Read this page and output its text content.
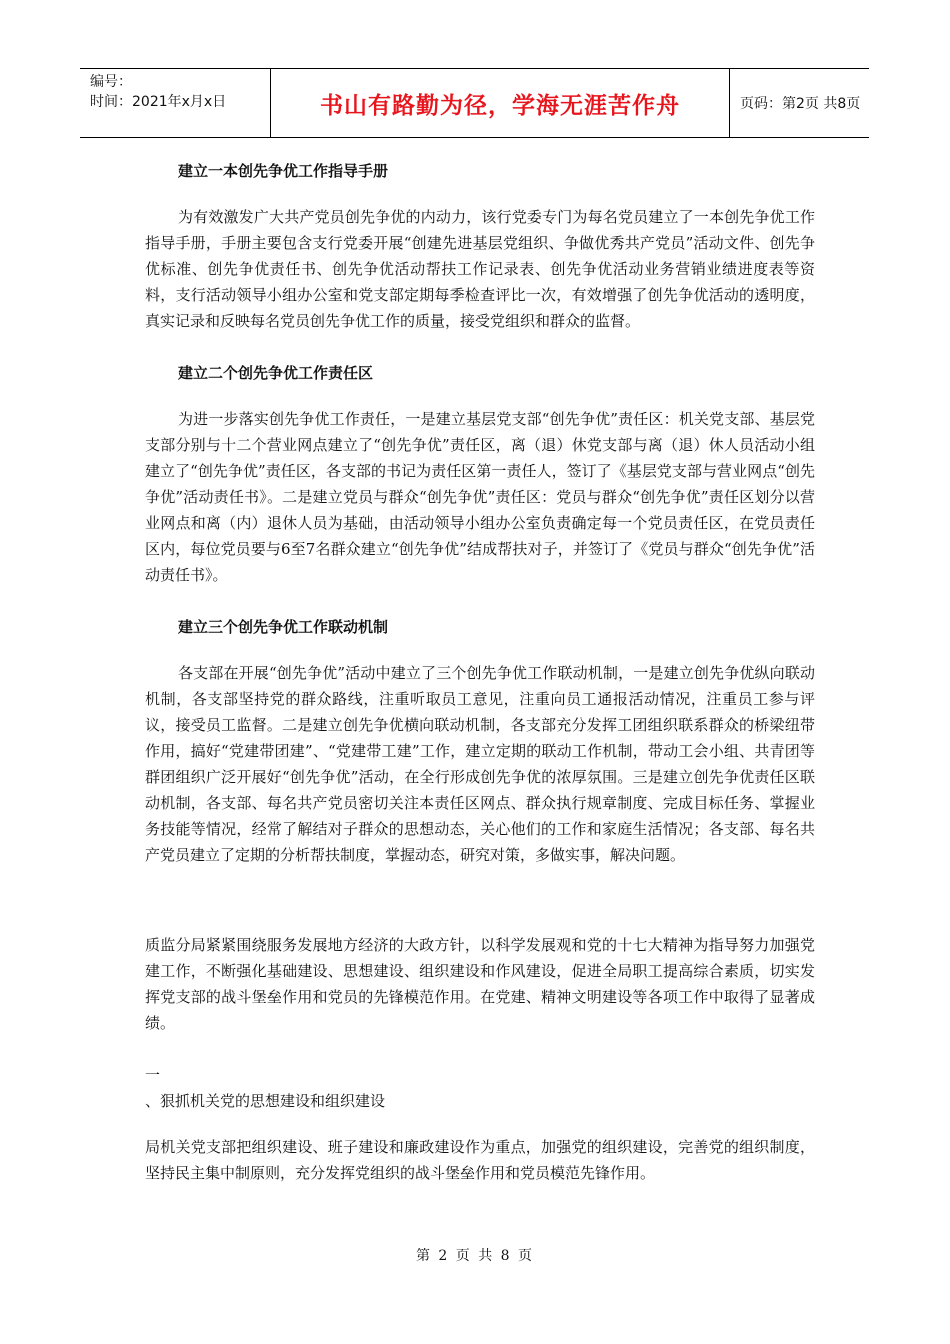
编号：
时间：2021年x月x日	书山有路勤为径，学海无涯苦作舟	页码：第2页 共8页

建立一本创先争优工作指导手册

为有效激发广大共产党员创先争优的内动力，该行党委专门为每名党员建立了一本创先争优工作指导手册，手册主要包含支行党委开展“创建先进基层党组织、争做优秀共产党员”活动文件、创先争优标准、创先争优责任书、创先争优活动帮扶工作记录表、创先争优活动业务营销业绩进度表等资料，支行活动领导小组办公室和党支部定期每季检查评比一次，有效增强了创先争优活动的透明度，真实记录和反映每名党员创先争优工作的质量，接受党组织和群众的监督。

建立二个创先争优工作责任区

为进一步落实创先争优工作责任，一是建立基层党支部“创先争优”责任区：机关党支部、基层党支部分别与十二个营业网点建立了“创先争优”责任区，离（退）休党支部与离（退）休人员活动小组建立了“创先争优”责任区，各支部的书记为责任区第一责任人，签订了《基层党支部与营业网点“创先争优”活动责任书》。二是建立党员与群众“创先争优”责任区：党员与群众“创先争优”责任区划分以营业网点和离（内）退休人员为基础，由活动领导小组办公室负责确定每一个党员责任区，在党员责任区内，每位党员要与6至7名群众建立“创先争优”结成帮扶对子，并签订了《党员与群众“创先争优”活动责任书》。

建立三个创先争优工作联动机制

各支部在开展“创先争优”活动中建立了三个创先争优工作联动机制，一是建立创先争优纵向联动机制，各支部坚持党的群众路线，注重听取员工意见，注重向员工通报活动情况，注重员工参与评议，接受员工监督。二是建立创先争优横向联动机制，各支部充分发挥工团组织联系群众的桥梁纽带作用，搞好“党建带团建”、“党建带工建”工作，建立定期的联动工作机制，带动工会小组、共青团等群团组织广泛开展好“创先争优”活动，在全行形成创先争优的浓厚氛围。三是建立创先争优责任区联动机制，各支部、每名共产党员密切关注本责任区网点、群众执行规章制度、完成目标任务、掌握业务技能等情况，经常了解结对子群众的思想动态，关心他们的工作和家庭生活情况；各支部、每名共产党员建立了定期的分析帮扶制度，掌握动态，研究对策，多做实事，解决问题。

质监分局紧紧围绕服务发展地方经济的大政方针，以科学发展观和党的十七大精神为指导努力加强党建工作，不断强化基础建设、思想建设、组织建设和作风建设，促进全局职工提高综合素质，切实发挥党支部的战斗堡垒作用和党员的先锋模范作用。在党建、精神文明建设等各项工作中取得了显著成绩。

一

、狠抓机关党的思想建设和组织建设

局机关党支部把组织建设、班子建设和廉政建设作为重点，加强党的组织建设，完善党的组织制度，坚持民主集中制原则，充分发挥党组织的战斗堡垒作用和党员模范先锋作用。

第 2 页 共 8 页
